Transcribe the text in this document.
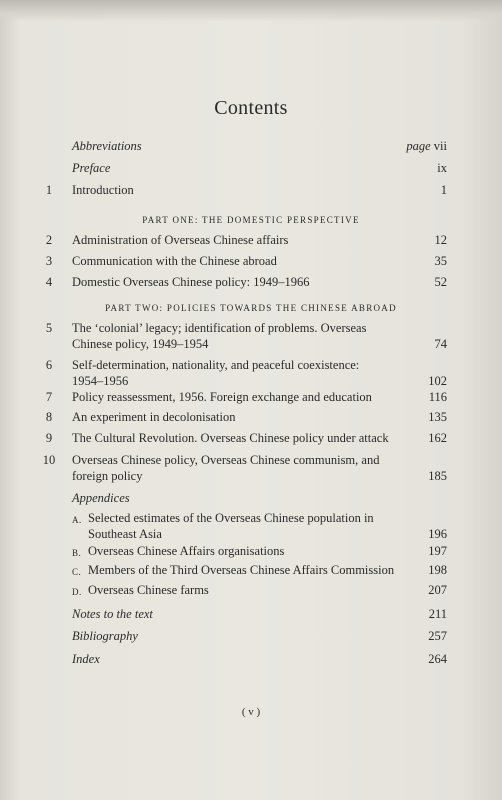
Contents
Abbreviations	page vii
Preface	ix
1	Introduction	1
PART ONE: THE DOMESTIC PERSPECTIVE
2	Administration of Overseas Chinese affairs	12
3	Communication with the Chinese abroad	35
4	Domestic Overseas Chinese policy: 1949–1966	52
PART TWO: POLICIES TOWARDS THE CHINESE ABROAD
5	The ‘colonial’ legacy; identification of problems. Overseas Chinese policy, 1949–1954	74
6	Self-determination, nationality, and peaceful coexistence: 1954–1956	102
7	Policy reassessment, 1956. Foreign exchange and education	116
8	An experiment in decolonisation	135
9	The Cultural Revolution. Overseas Chinese policy under attack	162
10	Overseas Chinese policy, Overseas Chinese communism, and foreign policy	185
Appendices
A. Selected estimates of the Overseas Chinese population in Southeast Asia	196
B. Overseas Chinese Affairs organisations	197
C. Members of the Third Overseas Chinese Affairs Commission	198
D. Overseas Chinese farms	207
Notes to the text	211
Bibliography	257
Index	264
( v )
